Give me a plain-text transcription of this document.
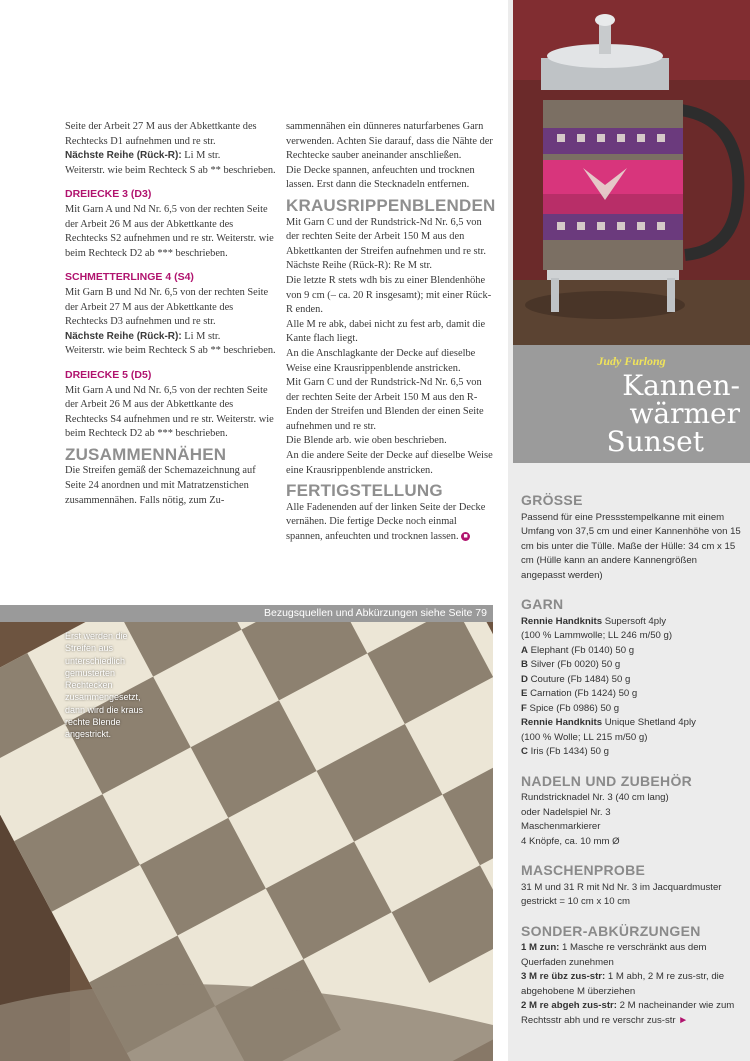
Seite der Arbeit 27 M aus der Abkettkante des Rechtecks D1 aufnehmen und re str.

Nächste Reihe (Rück-R): Li M str.

Weiterstr. wie beim Rechteck S ab ** beschrieben.

DREIECKE 3 (D3)

Mit Garn A und Nd Nr. 6,5 von der rechten Seite der Arbeit 26 M aus der Abkettkante des Rechtecks S2 aufnehmen und re str. Weiterstr. wie beim Rechteck D2 ab *** beschrieben.

SCHMETTERLINGE 4 (S4)

Mit Garn B und Nd Nr. 6,5 von der rechten Seite der Arbeit 27 M aus der Abkettkante des Rechtecks D3 aufnehmen und re str.

Nächste Reihe (Rück-R): Li M str.

Weiterstr. wie beim Rechteck S ab ** beschrieben.

DREIECKE 5 (D5)

Mit Garn A und Nd Nr. 6,5 von der rechten Seite der Arbeit 26 M aus der Abkettkante des Rechtecks S4 aufnehmen und re str. Weiterstr. wie beim Rechteck D2 ab *** beschrieben.

ZUSAMMENNÄHEN

Die Streifen gemäß der Schemazeichnung auf Seite 24 anordnen und mit Matratzenstichen zusammennähen. Falls nötig, zum Zu-

sammennähen ein dünneres naturfarbenes Garn verwenden. Achten Sie darauf, dass die Nähte der Rechtecke sauber aneinander anschließen.

Die Decke spannen, anfeuchten und trocknen lassen. Erst dann die Stecknadeln entfernen.

KRAUSRIPPENBLENDEN

Mit Garn C und der Rundstrick-Nd Nr. 6,5 von der rechten Seite der Arbeit 150 M aus den Abkettkanten der Streifen aufnehmen und re str.

Nächste Reihe (Rück-R): Re M str.

Die letzte R stets wdh bis zu einer Blendenhöhe von 9 cm (– ca. 20 R insgesamt); mit einer Rück-R enden.

Alle M re abk, dabei nicht zu fest arb, damit die Kante flach liegt.

An die Anschlagkante der Decke auf dieselbe Weise eine Krausrippenblende anstricken.

Mit Garn C und der Rundstrick-Nd Nr. 6,5 von der rechten Seite der Arbeit 150 M aus den R-Enden der Streifen und Blenden der einen Seite aufnehmen und re str.

Die Blende arb. wie oben beschrieben.

An die andere Seite der Decke auf dieselbe Weise eine Krausrippenblende anstricken.

FERTIGSTELLUNG

Alle Fadenenden auf der linken Seite der Decke vernähen. Die fertige Decke noch einmal spannen, anfeuchten und trocknen lassen. ■

Judy Furlong
Kannen-
wärmer
Sunset
GRÖSSE

Passend für eine Pressstempelkanne mit einem Umfang von 37,5 cm und einer Kannenhöhe von 15 cm bis unter die Tülle. Maße der Hülle: 34 cm x 15 cm (Hülle kann an andere Kannengrößen angepasst werden)

GARN

Rennie Handknits Supersoft 4ply

(100 % Lammwolle; LL 246 m/50 g)

A Elephant (Fb 0140) 50 g

B Silver (Fb 0020) 50 g

D Couture (Fb 1484) 50 g

E Carnation (Fb 1424) 50 g

F Spice (Fb 0986) 50 g

Rennie Handknits Unique Shetland 4ply

(100 % Wolle; LL 215 m/50 g)

C Iris (Fb 1434) 50 g

NADELN UND ZUBEHÖR

Rundstricknadel Nr. 3 (40 cm lang)

oder Nadelspiel Nr. 3

Maschenmarkierer

4 Knöpfe, ca. 10 mm Ø

MASCHENPROBE

31 M und 31 R mit Nd Nr. 3 im Jacquardmuster gestrickt = 10 cm x 10 cm

SONDER-ABKÜRZUNGEN

1 M zun: 1 Masche re verschränkt aus dem Querfaden zunehmen

3 M re übz zus-str: 1 M abh, 2 M re zus-str, die abgehobene M überziehen

2 M re abgeh zus-str: 2 M nacheinander wie zum Rechtsstr abh und re verschr zus-str ►

Bezugsquellen und Abkürzungen siehe Seite 79
Erst werden die Streifen aus unterschiedlich gemusterten Rechtecken zusammengesetzt, dann wird die kraus rechte Blende angestrickt.
